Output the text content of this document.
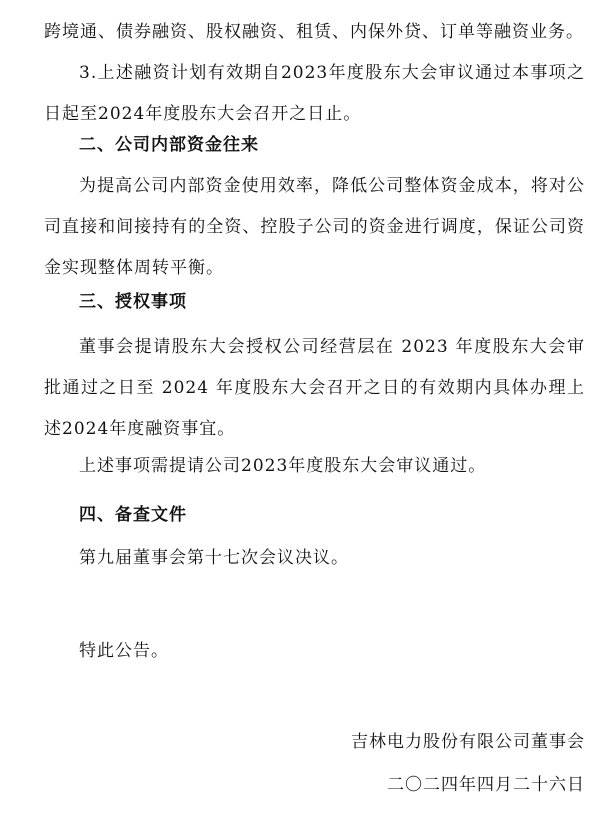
跨境通、债券融资、股权融资、租赁、内保外贷、订单等融资业务。

3.上述融资计划有效期自2023年度股东大会审议通过本事项之日起至2024年度股东大会召开之日止。

二、公司内部资金往来

为提高公司内部资金使用效率，降低公司整体资金成本，将对公司直接和间接持有的全资、控股子公司的资金进行调度，保证公司资金实现整体周转平衡。

三、授权事项

董事会提请股东大会授权公司经营层在 2023 年度股东大会审批通过之日至 2024 年度股东大会召开之日的有效期内具体办理上述2024年度融资事宜。

上述事项需提请公司2023年度股东大会审议通过。

四、备查文件

第九届董事会第十七次会议决议。

特此公告。

吉林电力股份有限公司董事会

二〇二四年四月二十六日
